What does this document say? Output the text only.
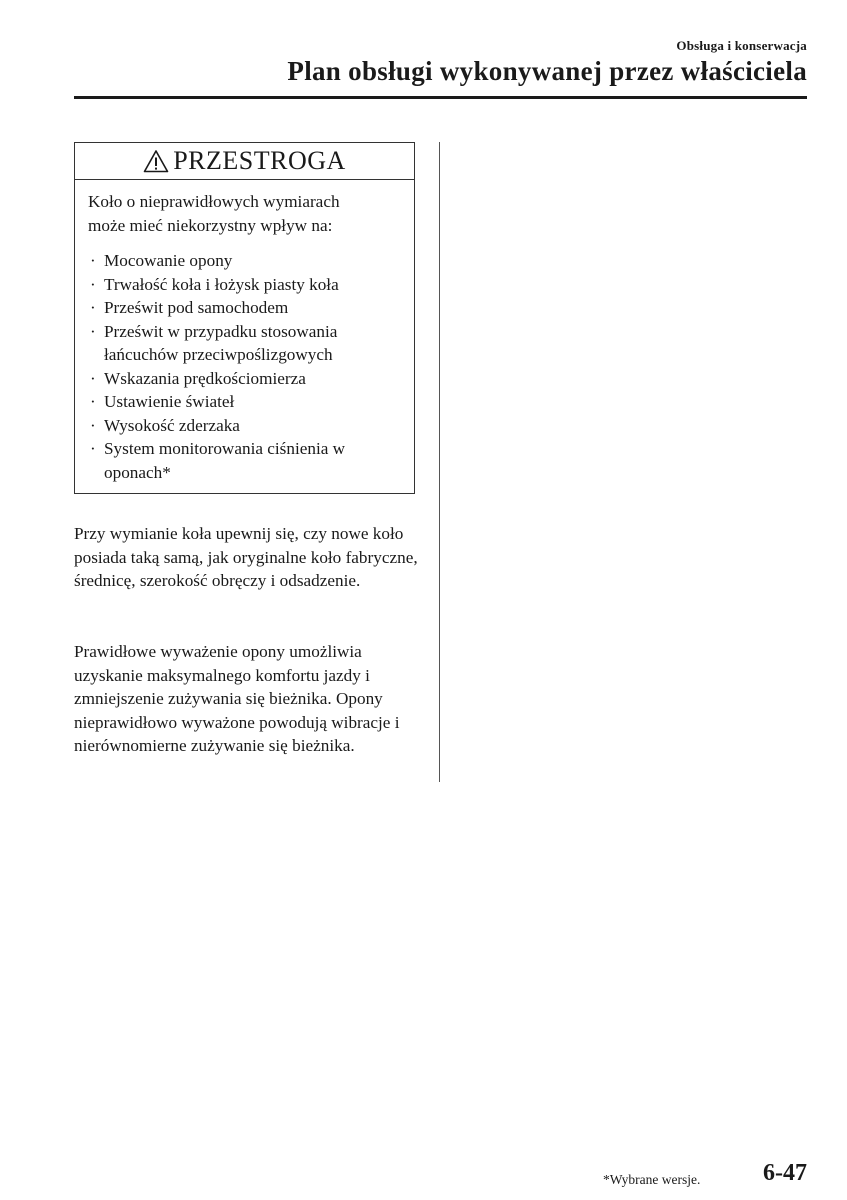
Obsługa i konserwacja
Plan obsługi wykonywanej przez właściciela
PRZESTROGA

Koło o nieprawidłowych wymiarach może mieć niekorzystny wpływ na:

· Mocowanie opony
· Trwałość koła i łożysk piasty koła
· Prześwit pod samochodem
· Prześwit w przypadku stosowania łańcuchów przeciwpoślizgowych
· Wskazania prędkościomierza
· Ustawienie świateł
· Wysokość zderzaka
· System monitorowania ciśnienia w oponach*

Przy wymianie koła upewnij się, czy nowe koło posiada taką samą, jak oryginalne koło fabryczne, średnicę, szerokość obręczy i odsadzenie.

Prawidłowe wyważenie opony umożliwia uzyskanie maksymalnego komfortu jazdy i zmniejszenie zużywania się bieżnika. Opony nieprawidłowo wyważone powodują wibracje i nierównomierne zużywanie się bieżnika.

*Wybrane wersje.	6-47
